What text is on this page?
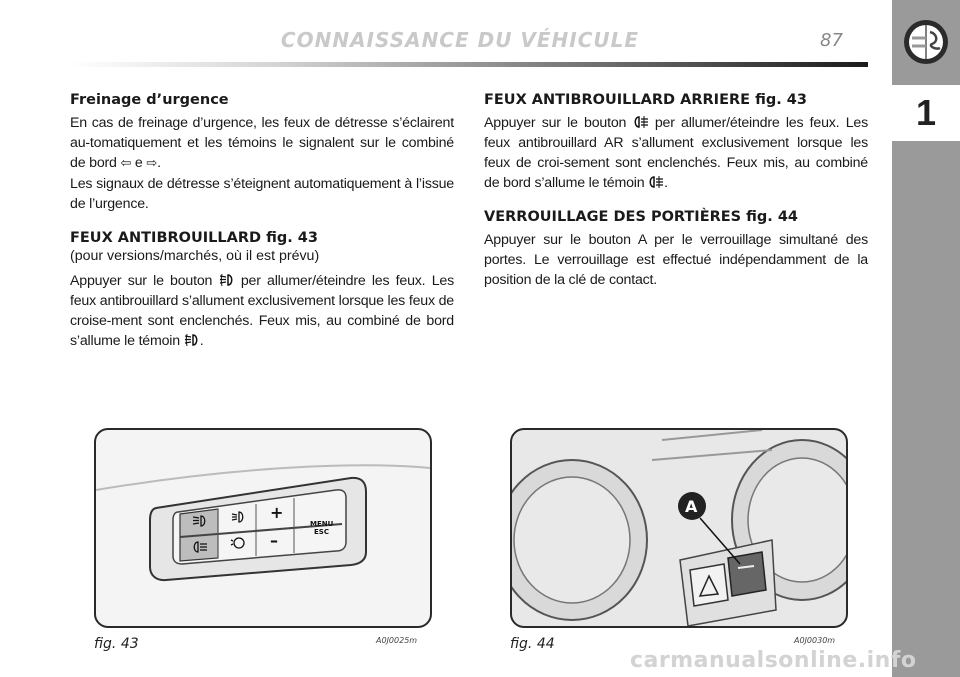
CONNAISSANCE DU VÉHICULE	87
1
Freinage d’urgence

En cas de freinage d’urgence, les feux de détresse s’éclairent au-tomatiquement et les témoins le signalent sur le combiné de bord ⇦ e ⇨.

Les signaux de détresse s’éteignent automatiquement à l’issue de l’urgence.

FEUX ANTIBROUILLARD fig. 43

(pour versions/marchés, où il est prévu)

Appuyer sur le bouton per allumer/éteindre les feux. Les feux antibrouillard s’allument exclusivement lorsque les feux de croise-ment sont enclenchés. Feux mis, au combiné de bord s’allume le témoin .

FEUX ANTIBROUILLARD ARRIERE fig. 43

Appuyer sur le bouton per allumer/éteindre les feux. Les feux antibrouillard AR s’allument exclusivement lorsque les feux de croi-sement sont enclenchés. Feux mis, au combiné de bord s’allume le témoin .

VERROUILLAGE DES PORTIÈRES fig. 44

Appuyer sur le bouton A per le verrouillage simultané des portes. Le verrouillage est effectué indépendamment de la position de la clé de contact.

+
–
MENU
ESC
fig. 43	A0J0025m
A
fig. 44	A0J0030m
carmanualsonline.info
